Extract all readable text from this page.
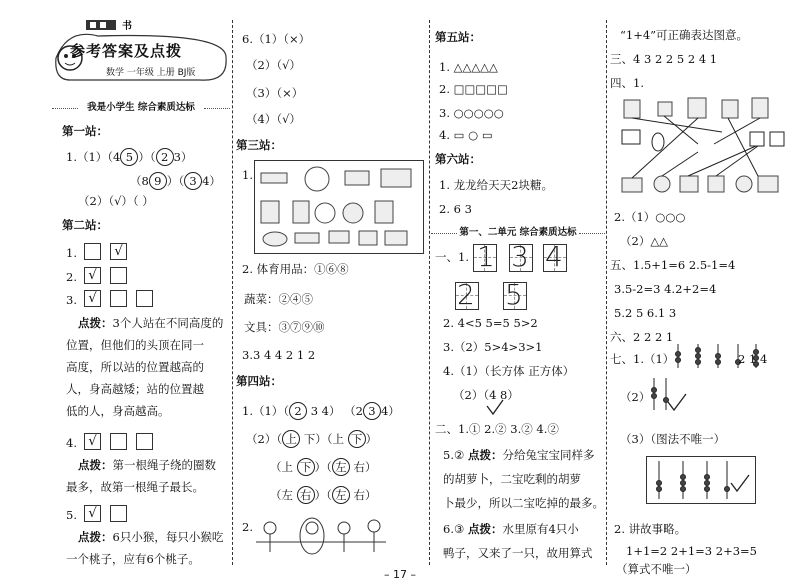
书
参考答案及点拨
数学 一年级 上册 BJ版
我是小学生 综合素质达标
第一站：
1.（1）（4 5 ）（ 2 3）
（8 9 ）（ 3 4）
（2）（√）（ ）
第二站：
1.	√
2. √
3. √
点拨：3个人站在不同高度的
位置，但他们的头顶在同一
高度，所以站的位置越高的
人，身高越矮；站的位置越
低的人，身高越高。
4. √
点拨：第一根绳子绕的圈数
最多，故第一根绳子最长。
5. √
点拨：6只小猴，每只小猴吃
一个桃子，应有6个桃子。
6.（1）（×）
（2）（√）
（3）（×）
（4）（√）
第三站：
1.
2. 体育用品：①⑥⑧
蔬菜：②④⑤
文具：③⑦⑨⑩
3.3 4 4 2 1 2
第四站：
1.（1）（ 2 3 4） （2 3 4）
（2）（ 上 下）（上 下 ）
（上 下 ）（ 左 右）
（左 右 ）（ 左 右）
2.
第五站：
1. △△△△△
2. □□□□□
3. ○○○○○
4. ▭ ○ ▭
第六站：
1. 龙龙给天天2块糖。
2. 6 3
第一、二单元 综合素质达标
一、1. 1 3 4
2 5
2. 4<5 5=5 5>2
3.（2）5>4>3>1
4.（1）（长方体 正方体）
（2）（4 8）
二、1.① 2.② 3.② 4.②
5.② 点拨：分给兔宝宝同样多
的胡萝卜，二宝吃剩的胡萝
卜最少，所以二宝吃掉的最多。
6.③ 点拨：水里原有4只小
鸭子，又来了一只，故用算式
“1+4”可正确表达图意。
三、4 3 2 2 5 2 4 1
四、1.
2.（1）○○○
（2）△△
五、1.5+1=6 2.5-1=4
3.5-2=3 4.2+2=4
5.2 5 6.1 3
六、2 2 2 1
七、1.（1）	2 1 4
（2）
（3）（图法不唯一）
2. 讲故事略。
1+1=2 2+1=3 2+3=5
（算式不唯一）
– 17 –
